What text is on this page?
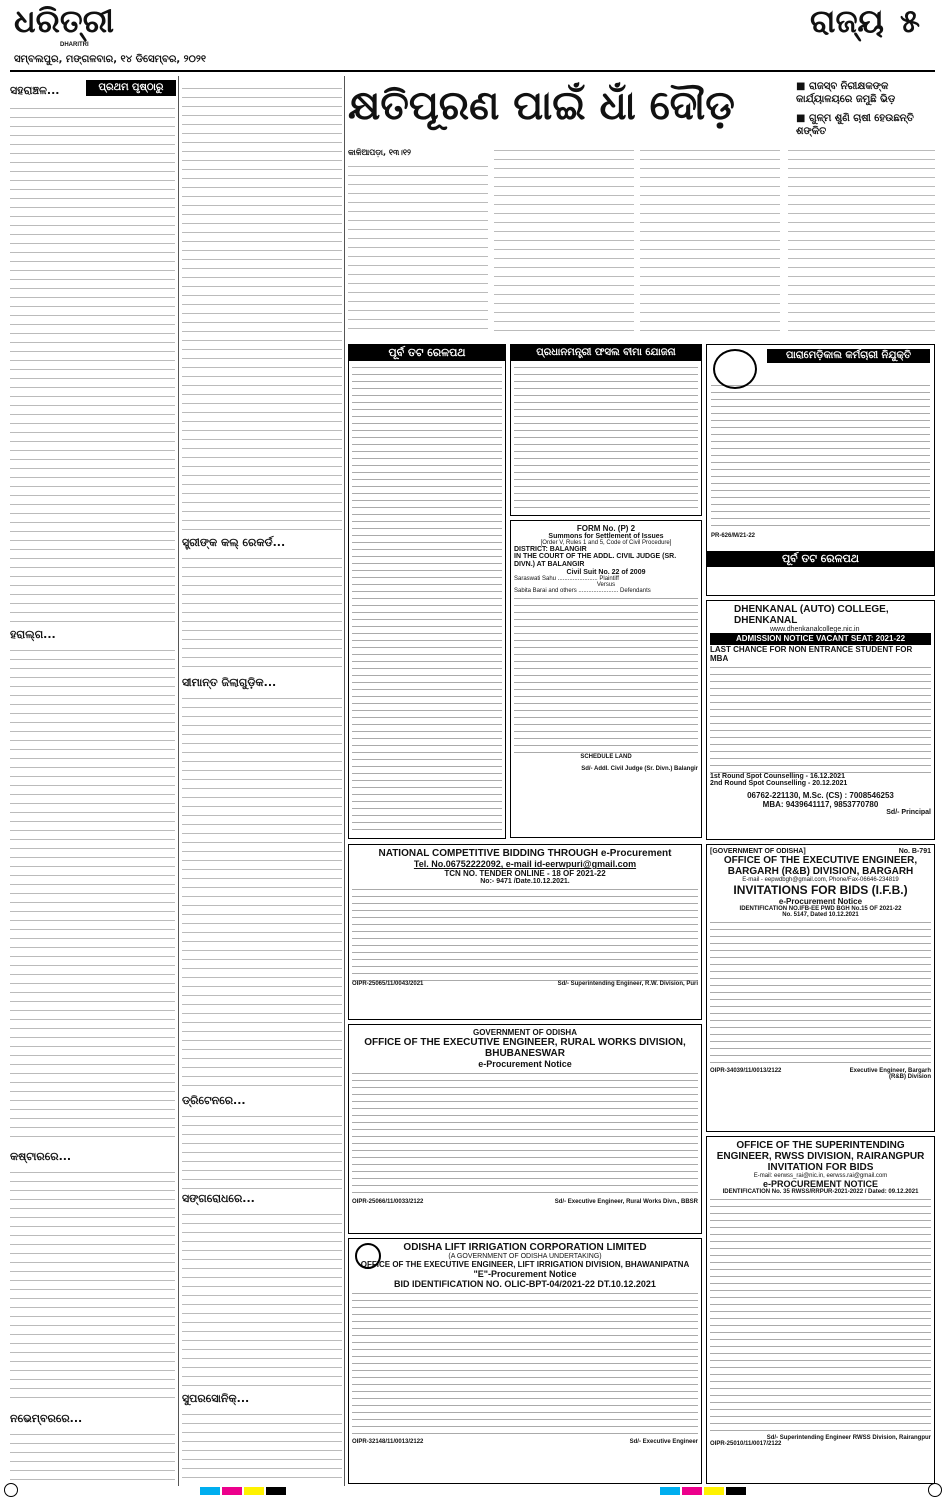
ଧରିତ୍ରୀ
DHARITRI
ରାଜ୍ୟ ୫
ସମ୍ବଲପୁର, ମଙ୍ଗଳବାର, ୧୪ ଡିସେମ୍ବର, ୨୦୨୧
ସହରାଞ୍ଚଳ...	ପ୍ରଥମ ପୃଷ୍ଠାରୁ
ହରାଲ୍ଗ...
କଷ୍ଟାରରେ...
ନଭେମ୍ବରରେ...
ସ୍ତ୍ରୀଙ୍କ କଲ୍‌ ରେକର୍ଡ...
ସୀମାନ୍ତ ଜିଲାଗୁଡ଼ିକ...
ଡ୍ରିଟେନରେ...
ସଙ୍ଗରୋଧରେ...
ସୁପରସୋନିକ୍‌...
କ୍ଷତିପୂରଣ ପାଇଁ ଧାଁ ଦୌଡ଼	■ ରାଜସ୍ବ ନିରୀକ୍ଷକଙ୍କ କାର୍ଯ୍ୟାଳୟରେ ଜମୁଛି ଭିଡ଼
■ ଗୁଳ୍ମ ଶୁଣି ଚାଷୀ ହେଉଛନ୍ତି ଶଙ୍କିତ
କାଳିଆପଡ଼ା, ୧୩।୧୨
ପୂର୍ବ ତଟ ରେଳପଥ	ପ୍ରଧାନମନ୍ତ୍ରୀ ଫସଲ ବୀମା ଯୋଜନା
FORM No. (P) 2
Summons for Settlement of Issues
[Order V, Rules 1 and 5, Code of Civil Procedure]
DISTRICT: BALANGIR
IN THE COURT OF THE ADDL. CIVIL JUDGE (SR. DIVN.) AT BALANGIR
Civil Suit No. 22 of 2009
Saraswati Sahu ........................ Plaintiff
Versus
Sabita Barai and others ........................ Defendants
SCHEDULE LAND
Sd/- Addl. Civil Judge (Sr. Divn.) Balangir
ପାରାମେଡ଼ିକାଲ କର୍ମଚାରୀ ନିଯୁକ୍ତି
PR-626/M/21-22
ପୂର୍ବ ତଟ ରେଳପଥ
DHENKANAL (AUTO) COLLEGE, DHENKANAL
www.dhenkanalcollege.nic.in
ADMISSION NOTICE VACANT SEAT: 2021-22
LAST CHANCE FOR NON ENTRANCE STUDENT FOR MBA
1st Round Spot Counselling - 16.12.2021
2nd Round Spot Counselling - 20.12.2021
06762-221130, M.Sc. (CS) : 7008546253
MBA: 9439641117, 9853770780
Sd/- Principal
NATIONAL COMPETITIVE BIDDING THROUGH e-Procurement
Tel. No.06752222092, e-mail id-eerwpuri@gmail.com
TCN NO. TENDER ONLINE - 18 OF 2021-22
No:- 9471 /Date.10.12.2021.
OIPR-25065/11/0043/2021	Sd/- Superintending Engineer, R.W. Division, Puri
GOVERNMENT OF ODISHA
OFFICE OF THE EXECUTIVE ENGINEER, RURAL WORKS DIVISION, BHUBANESWAR
e-Procurement Notice
OIPR-25066/11/0033/2122	Sd/- Executive Engineer, Rural Works Divn., BBSR
ODISHA LIFT IRRIGATION CORPORATION LIMITED
(A GOVERNMENT OF ODISHA UNDERTAKING)
OFFICE OF THE EXECUTIVE ENGINEER, LIFT IRRIGATION DIVISION, BHAWANIPATNA
"E"-Procurement Notice
BID IDENTIFICATION NO. OLIC-BPT-04/2021-22 DT.10.12.2021
OIPR-32148/11/0013/2122	Sd/- Executive Engineer
[GOVERNMENT OF ODISHA]	No. B-791
OFFICE OF THE EXECUTIVE ENGINEER, BARGARH (R&B) DIVISION, BARGARH
E-mail - eepwdbgh@gmail.com, Phone/Fax-06646-234819
INVITATIONS FOR BIDS (I.F.B.)
e-Procurement Notice
IDENTIFICATION NO.IFB-EE PWD BGH No.15 OF 2021-22
No. 5147, Dated 10.12.2021
OIPR-34039/11/0013/2122	Executive Engineer, Bargarh (R&B) Division
OFFICE OF THE SUPERINTENDING ENGINEER, RWSS DIVISION, RAIRANGPUR
INVITATION FOR BIDS
E-mail: eerwss_rai@nic.in, eerwss.rai@gmail.com
e-PROCUREMENT NOTICE
IDENTIFICATION No. 35 RWSS/RRPUR-2021-2022 / Dated: 09.12.2021
Sd/- Superintending Engineer RWSS Division, Rairangpur
OIPR-25010/11/0017/2122
